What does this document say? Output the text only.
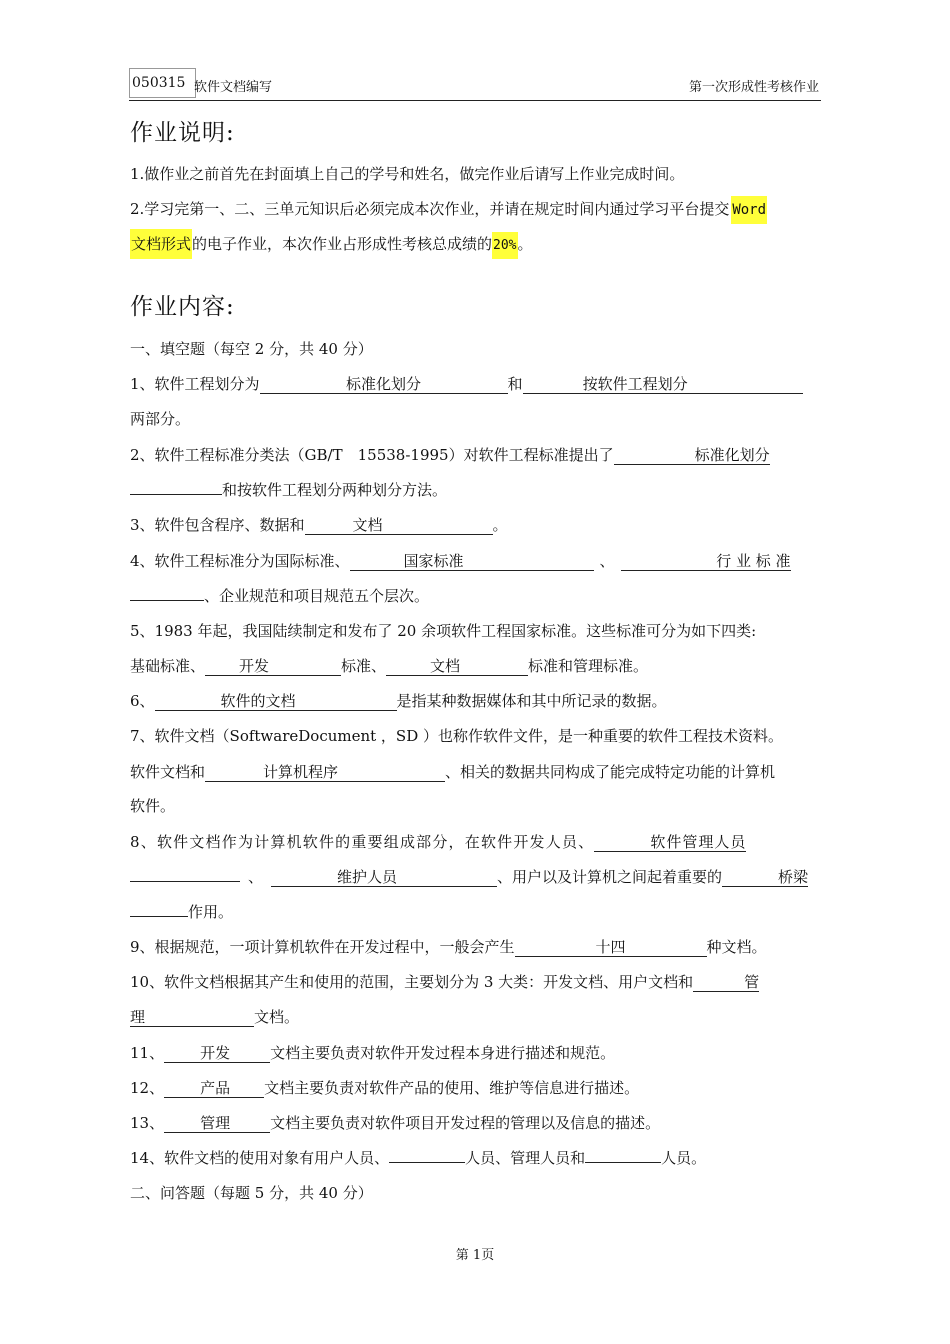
050315 软件文档编写	第一次形成性考核作业
作业说明:
1.做作业之前首先在封面填上自己的学号和姓名，做完作业后请写上作业完成时间。
2.学习完第一、二、三单元知识后必须完成本次作业，并请在规定时间内通过学习平台提交 Word
文档形式的电子作业，本次作业占形成性考核总成绩的20%。
作业内容:
一、填空题（每空 2 分，共 40 分）
1、软件工程划分为	标准化划分	和	按软件工程划分
两部分。
2、软件工程标准分类法（GB/T　15538-1995）对软件工程标准提出了	标准化划分
和按软件工程划分两种划分方法。
3、软件包含程序、数据和	文档	。
4、软件工程标准分为国际标准、	国家标准	、	行 业 标 准
、企业规范和项目规范五个层次。
5、1983 年起，我国陆续制定和发布了 20 余项软件工程国家标准。这些标准可分为如下四类:
基础标准、 开发	标准、	文档	标准和管理标准。
6、	软件的文档	是指某种数据媒体和其中所记录的数据。
7、软件文档（SoftwareDocument ，SD ）也称作软件文件，是一种重要的软件工程技术资料。
软件文档和	计算机程序	、相关的数据共同构成了能完成特定功能的计算机
软件。
8、软件文档作为计算机软件的重要组成部分，在软件开发人员、	软件管理人员
、	维护人员	、用户以及计算机之间起着重要的	桥梁
作用。
9、根据规范，一项计算机软件在开发过程中，一般会产生	十四	种文档。
10、软件文档根据其产生和使用的范围，主要划分为 3 大类：开发文档、用户文档和	管
理	文档。
11、 开发	文档主要负责对软件开发过程本身进行描述和规范。
12、 产品 文档主要负责对软件产品的使用、维护等信息进行描述。
13、 管理	文档主要负责对软件项目开发过程的管理以及信息的描述。
14、软件文档的使用对象有用户人员、	人员、管理人员和	人员。
二、问答题（每题 5 分，共 40 分）
第 1页
